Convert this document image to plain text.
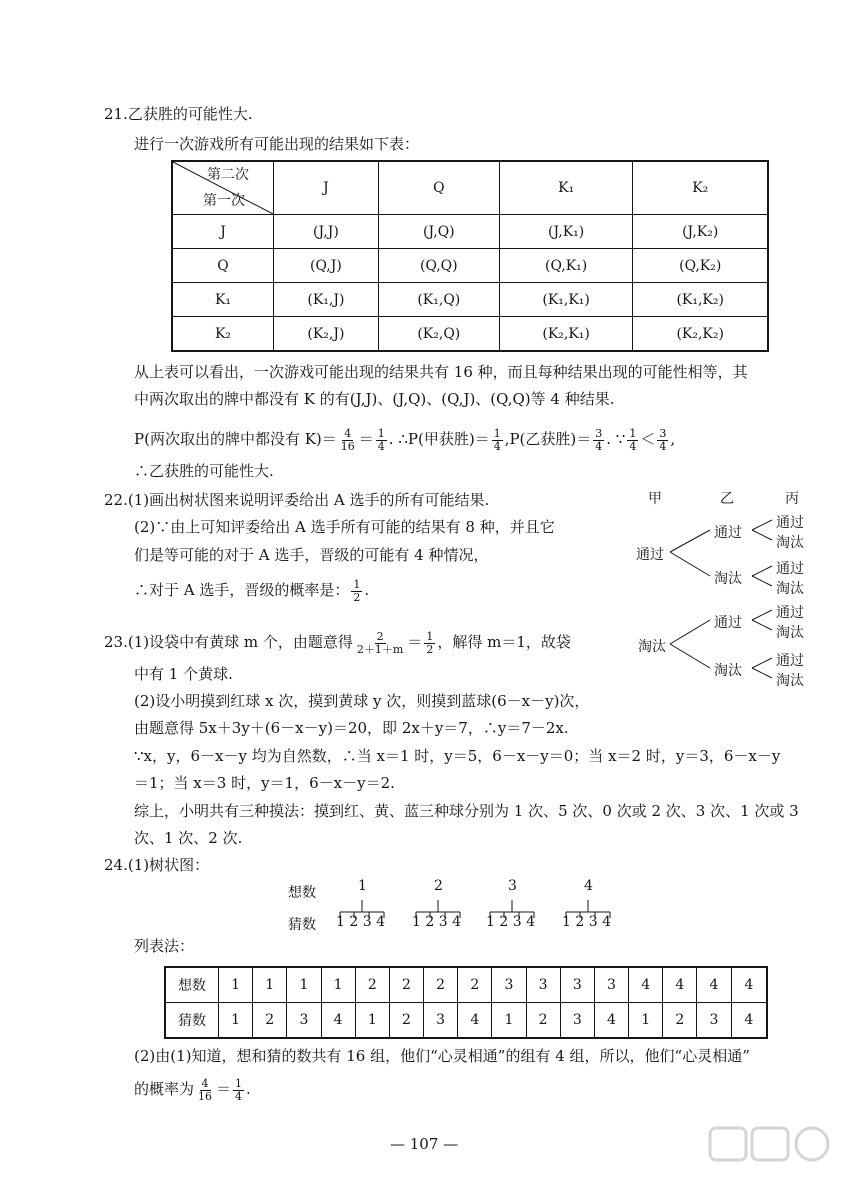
21.乙获胜的可能性大.
进行一次游戏所有可能出现的结果如下表：
第二次
第一次	J	Q	K₁	K₂
J	(J,J)	(J,Q)	(J,K₁)	(J,K₂)
Q	(Q,J)	(Q,Q)	(Q,K₁)	(Q,K₂)
K₁	(K₁,J)	(K₁,Q)	(K₁,K₁)	(K₁,K₂)
K₂	(K₂,J)	(K₂,Q)	(K₂,K₁)	(K₂,K₂)
从上表可以看出，一次游戏可能出现的结果共有 16 种，而且每种结果出现的可能性相等，其
中两次取出的牌中都没有 K 的有(J,J)、(J,Q)、(Q,J)、(Q,Q)等 4 种结果.
P(两次取出的牌中都没有 $K)= \frac{4}{16} = \frac{1}{4}$ . ∴P(甲获胜)＝ $\frac{1}{4} ,P$(乙获胜)＝ $\frac{3}{4}$ . ∵ $\frac{1}{4} < \frac{3}{4}$ ,
∴乙获胜的可能性大.
22.(1)画出树状图来说明评委给出 A 选手的所有可能结果.
(2)∵由上可知评委给出 A 选手所有可能的结果有 8 种，并且它
们是等可能的对于 A 选手，晋级的可能有 4 种情况，
∴对于 A 选手，晋级的概率是： $\frac{1}{2}$ .
甲	乙	丙
通过
淘汰
通过
淘汰
通过
淘汰
通过
淘汰
通过
淘汰
通过
淘汰
通过
淘汰
23.(1)设袋中有黄球 m 个，由题意得 $\frac{2}{2+1+m} = \frac{1}{2}$ ，解得 m＝1，故袋
中有 1 个黄球.
(2)设小明摸到红球 x 次，摸到黄球 y 次，则摸到蓝球(6－x－y)次，
由题意得 5x＋3y＋(6－x－y)＝20，即 2x＋y＝7，∴y＝7－2x.
∵x，y，6－x－y 均为自然数，∴当 x＝1 时，y＝5，6－x－y＝0；当 x＝2 时，y＝3，6－x－y
＝1；当 x＝3 时，y＝1，6－x－y＝2.
综上，小明共有三种摸法：摸到红、黄、蓝三种球分别为 1 次、5 次、0 次或 2 次、3 次、1 次或 3
次、1 次、2 次.
24.(1)树状图：
想数
猜数
1	2	3	4
1 2 3 4 1 2 3 4 1 2 3 4 1 2 3 4
列表法：
想数	1	1	1	1	2	2	2	2	3	3	3	3	4	4	4	4
猜数	1	2	3	4	1	2	3	4	1	2	3	4	1	2	3	4
(2)由(1)知道，想和猜的数共有 16 组，他们“心灵相通”的组有 4 组，所以，他们“心灵相通”
的概率为 $\frac{4}{16} = \frac{1}{4}$ .
— 107 —
